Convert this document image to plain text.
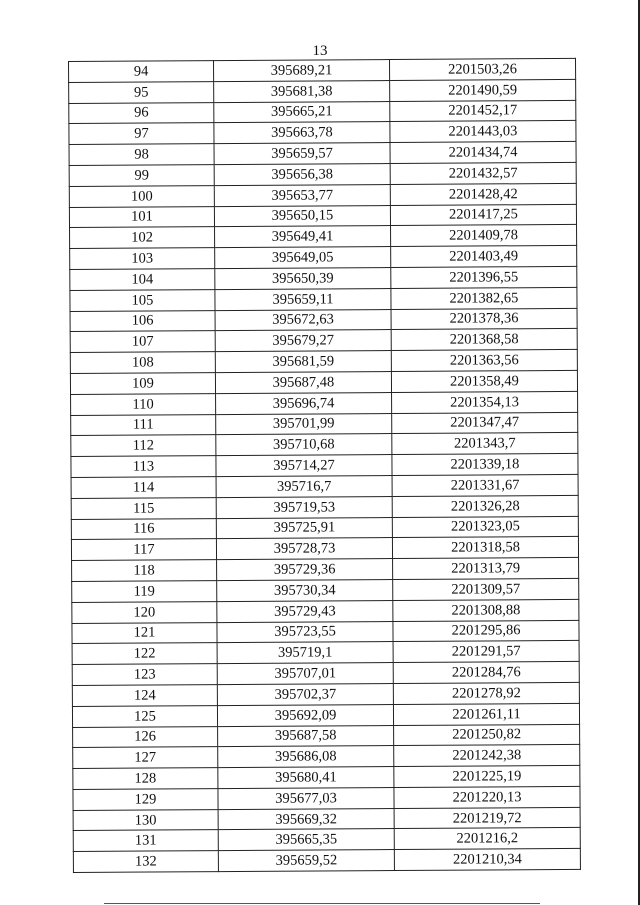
13
94	395689,21	2201503,26
95	395681,38	2201490,59
96	395665,21	2201452,17
97	395663,78	2201443,03
98	395659,57	2201434,74
99	395656,38	2201432,57
100	395653,77	2201428,42
101	395650,15	2201417,25
102	395649,41	2201409,78
103	395649,05	2201403,49
104	395650,39	2201396,55
105	395659,11	2201382,65
106	395672,63	2201378,36
107	395679,27	2201368,58
108	395681,59	2201363,56
109	395687,48	2201358,49
110	395696,74	2201354,13
111	395701,99	2201347,47
112	395710,68	2201343,7
113	395714,27	2201339,18
114	395716,7	2201331,67
115	395719,53	2201326,28
116	395725,91	2201323,05
117	395728,73	2201318,58
118	395729,36	2201313,79
119	395730,34	2201309,57
120	395729,43	2201308,88
121	395723,55	2201295,86
122	395719,1	2201291,57
123	395707,01	2201284,76
124	395702,37	2201278,92
125	395692,09	2201261,11
126	395687,58	2201250,82
127	395686,08	2201242,38
128	395680,41	2201225,19
129	395677,03	2201220,13
130	395669,32	2201219,72
131	395665,35	2201216,2
132	395659,52	2201210,34
